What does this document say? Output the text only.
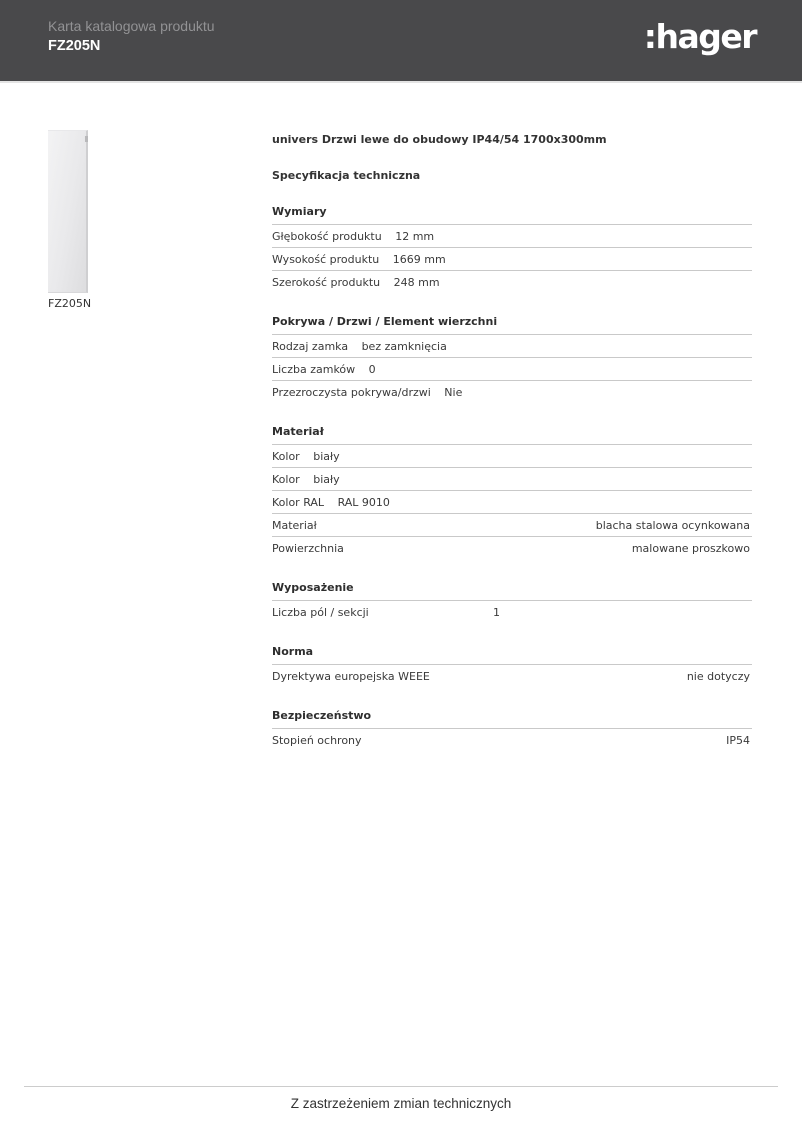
Karta katalogowa produktu
FZ205N	:hager
FZ205N
univers Drzwi lewe do obudowy IP44/54 1700x300mm
Specyfikacja techniczna
Wymiary
Głębokość produktu 12 mm
Wysokość produktu 1669 mm
Szerokość produktu 248 mm
Pokrywa / Drzwi / Element wierzchni
Rodzaj zamka bez zamknięcia
Liczba zamków 0
Przezroczysta pokrywa/drzwi Nie
Materiał
Kolor biały
Kolor biały
Kolor RAL RAL 9010
Materiał	blacha stalowa ocynkowana
Powierzchnia	malowane proszkowo
Wyposażenie
Liczba pól / sekcji	1
Norma
Dyrektywa europejska WEEE	nie dotyczy
Bezpieczeństwo
Stopień ochrony	IP54
Z zastrzeżeniem zmian technicznych
